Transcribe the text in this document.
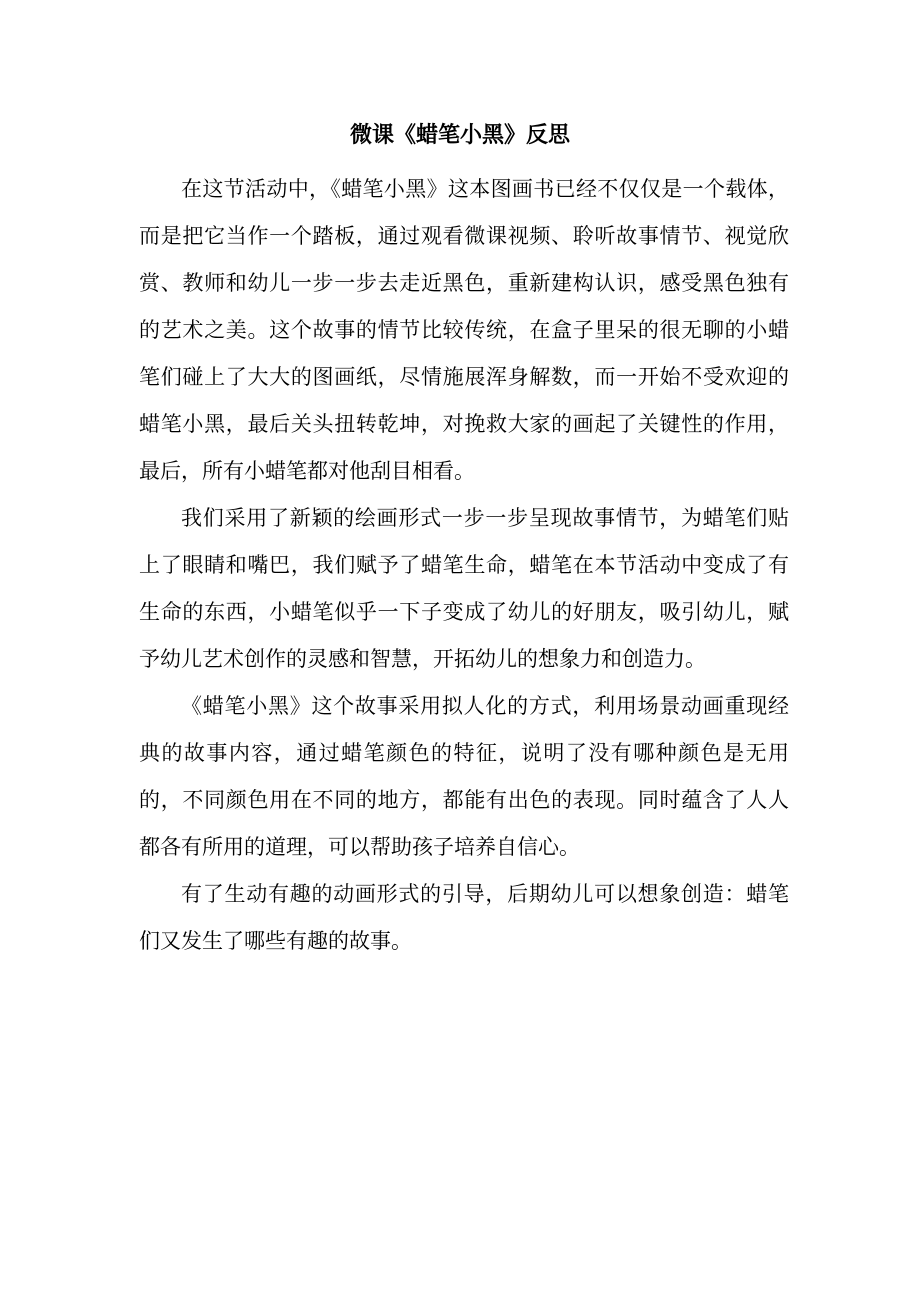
微课《蜡笔小黑》反思

在这节活动中，《蜡笔小黑》这本图画书已经不仅仅是一个载体，而是把它当作一个踏板，通过观看微课视频、聆听故事情节、视觉欣赏、教师和幼儿一步一步去走近黑色，重新建构认识，感受黑色独有的艺术之美。这个故事的情节比较传统，在盒子里呆的很无聊的小蜡笔们碰上了大大的图画纸，尽情施展浑身解数，而一开始不受欢迎的蜡笔小黑，最后关头扭转乾坤，对挽救大家的画起了关键性的作用，最后，所有小蜡笔都对他刮目相看。

我们采用了新颖的绘画形式一步一步呈现故事情节，为蜡笔们贴上了眼睛和嘴巴，我们赋予了蜡笔生命，蜡笔在本节活动中变成了有生命的东西，小蜡笔似乎一下子变成了幼儿的好朋友，吸引幼儿，赋予幼儿艺术创作的灵感和智慧，开拓幼儿的想象力和创造力。

《蜡笔小黑》这个故事采用拟人化的方式，利用场景动画重现经典的故事内容，通过蜡笔颜色的特征，说明了没有哪种颜色是无用的，不同颜色用在不同的地方，都能有出色的表现。同时蕴含了人人都各有所用的道理，可以帮助孩子培养自信心。

有了生动有趣的动画形式的引导，后期幼儿可以想象创造：蜡笔们又发生了哪些有趣的故事。
